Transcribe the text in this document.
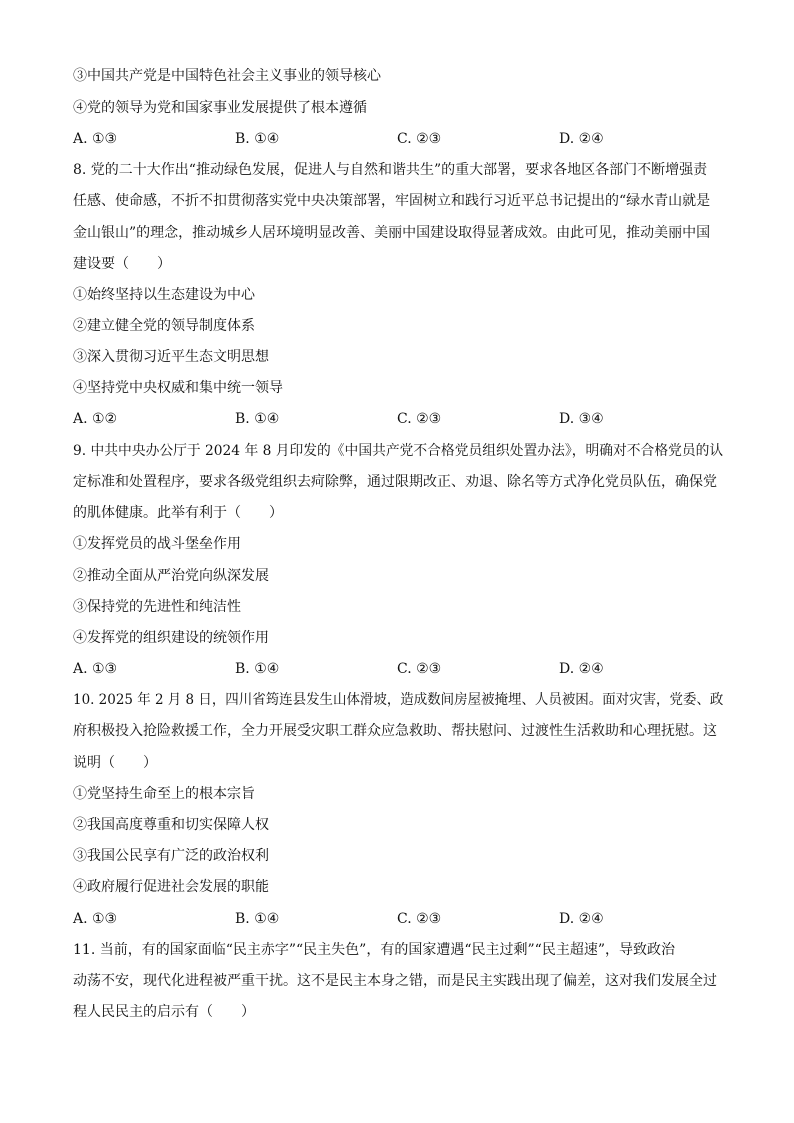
③中国共产党是中国特色社会主义事业的领导核心
④党的领导为党和国家事业发展提供了根本遵循
A. ①③	B. ①④	C. ②③	D. ②④
8. 党的二十大作出“推动绿色发展，促进人与自然和谐共生”的重大部署，要求各地区各部门不断增强责
任感、使命感，不折不扣贯彻落实党中央决策部署，牢固树立和践行习近平总书记提出的“绿水青山就是
金山银山”的理念，推动城乡人居环境明显改善、美丽中国建设取得显著成效。由此可见，推动美丽中国
建设要（　　）
①始终坚持以生态建设为中心
②建立健全党的领导制度体系
③深入贯彻习近平生态文明思想
④坚持党中央权威和集中统一领导
A. ①②	B. ①④	C. ②③	D. ③④
9. 中共中央办公厅于 2024 年 8 月印发的《中国共产党不合格党员组织处置办法》，明确对不合格党员的认
定标准和处置程序，要求各级党组织去疴除弊，通过限期改正、劝退、除名等方式净化党员队伍，确保党
的肌体健康。此举有利于（　　）
①发挥党员的战斗堡垒作用
②推动全面从严治党向纵深发展
③保持党的先进性和纯洁性
④发挥党的组织建设的统领作用
A. ①③	B. ①④	C. ②③	D. ②④
10. 2025 年 2 月 8 日，四川省筠连县发生山体滑坡，造成数间房屋被掩埋、人员被困。面对灾害，党委、政
府积极投入抢险救援工作，全力开展受灾职工群众应急救助、帮扶慰问、过渡性生活救助和心理抚慰。这
说明（　　）
①党坚持生命至上的根本宗旨
②我国高度尊重和切实保障人权
③我国公民享有广泛的政治权利
④政府履行促进社会发展的职能
A. ①③	B. ①④	C. ②③	D. ②④
11. 当前，有的国家面临“民主赤字”“民主失色”，有的国家遭遇“民主过剩”“民主超速”，导致政治
动荡不安，现代化进程被严重干扰。这不是民主本身之错，而是民主实践出现了偏差，这对我们发展全过
程人民民主的启示有（　　）
